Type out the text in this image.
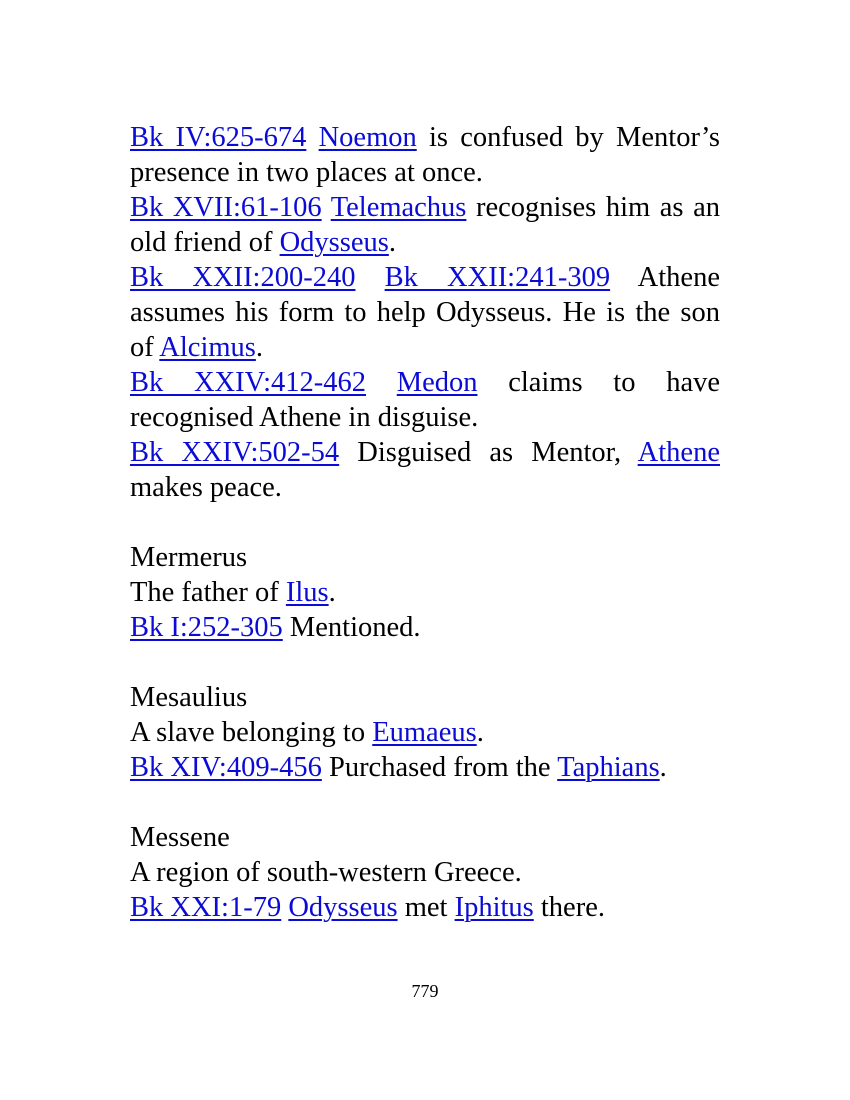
Bk IV:625-674 Noemon is confused by Mentor’s presence in two places at once.

Bk XVII:61-106 Telemachus recognises him as an old friend of Odysseus.

Bk XXII:200-240 Bk XXII:241-309 Athene assumes his form to help Odysseus. He is the son of Alcimus.

Bk XXIV:412-462 Medon claims to have recognised Athene in disguise.

Bk XXIV:502-54 Disguised as Mentor, Athene makes peace.

Mermerus

The father of Ilus.

Bk I:252-305 Mentioned.

Mesaulius

A slave belonging to Eumaeus.

Bk XIV:409-456 Purchased from the Taphians.

Messene

A region of south-western Greece.

Bk XXI:1-79 Odysseus met Iphitus there.

779
